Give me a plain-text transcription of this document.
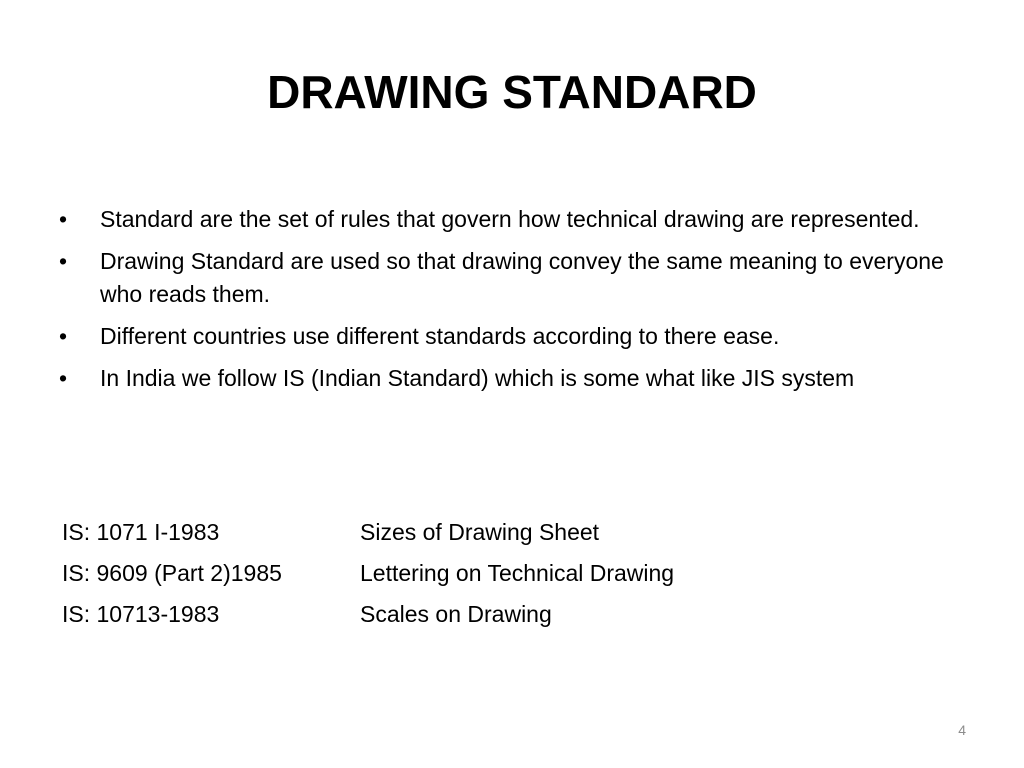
DRAWING STANDARD
• Standard are the set of rules that govern how technical drawing are represented.
• Drawing Standard are used so that drawing convey the same meaning to everyone who reads them.
• Different countries use different standards according to there ease.
• In India we follow IS (Indian Standard) which is some what like JIS system
IS: 1071 I-1983	Sizes of Drawing Sheet
IS: 9609 (Part 2)1985	Lettering on Technical Drawing
IS: 10713-1983	Scales on Drawing
4
